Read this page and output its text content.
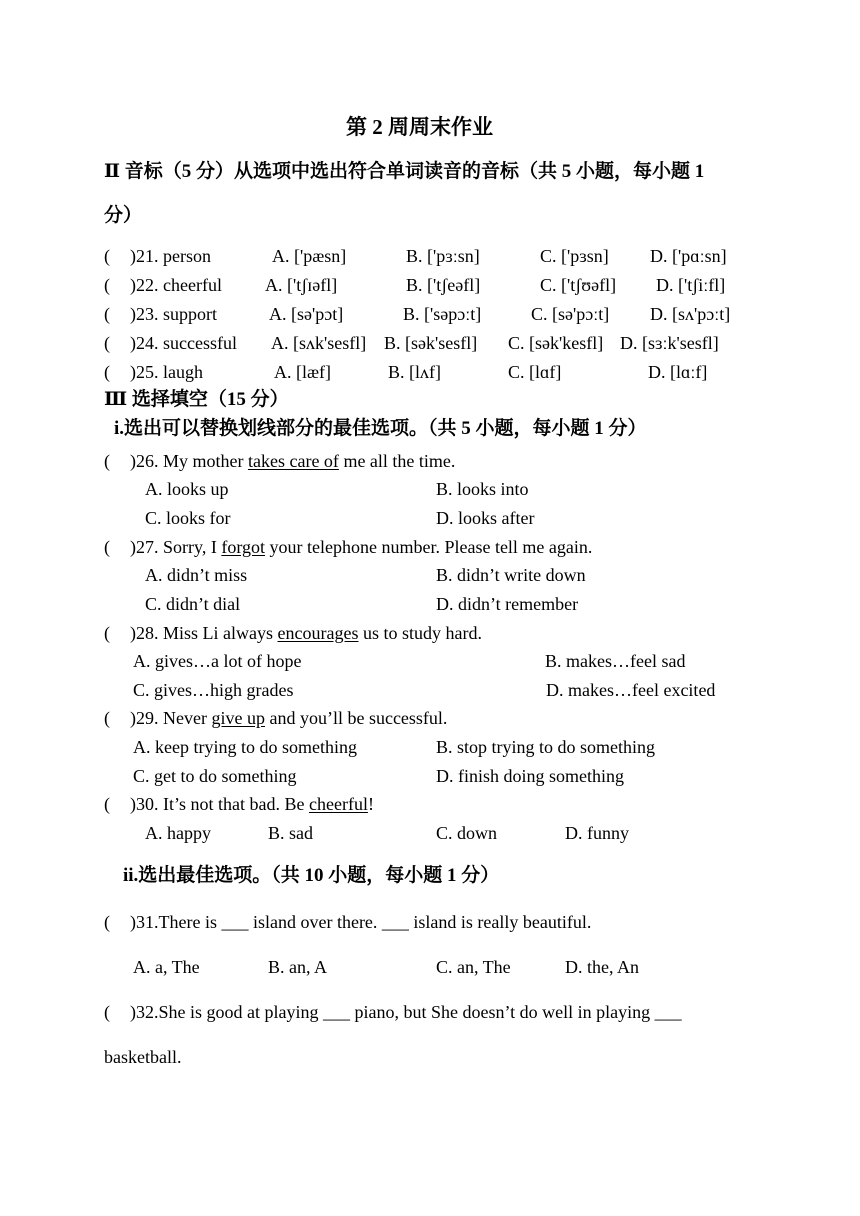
第 2 周周末作业
Ⅱ 音标（5 分）从选项中选出符合单词读音的音标（共 5 小题，每小题 1
分）
( )21. person	A. ['pæsn]	B. ['pɜːsn]	C. ['pɜsn] D. ['pɑːsn]
( )22. cheerful A. ['tʃɪəfl]	B. ['tʃeəfl]	C. ['tʃʊəfl] D. ['tʃiːfl]
( )23. support	A. [sə'pɔt]	B. ['səpɔːt]	C. [sə'pɔːt] D. [sʌ'pɔːt]
( )24. successful A. [sʌk'sesfl] B. [sək'sesfl] C. [sək'kesfl] D. [sɜːk'sesfl]
( )25. laugh	A. [læf]	B. [lʌf]	C. [lɑf]	D. [lɑːf]
Ⅲ 选择填空（15 分）
i.选出可以替换划线部分的最佳选项。（共 5 小题，每小题 1 分）
( )26. My mother takes care of me all the time.
A. looks up	B. looks into
C. looks for	D. looks after
( )27. Sorry, I forgot your telephone number. Please tell me again.
A. didn’t miss	B. didn’t write down
C. didn’t dial	D. didn’t remember
( )28. Miss Li always encourages us to study hard.
A. gives…a lot of hope	B. makes…feel sad
C. gives…high grades	D. makes…feel excited
( )29. Never give up and you’ll be successful.
A. keep trying to do something	B. stop trying to do something
C. get to do something	D. finish doing something
( )30. It’s not that bad. Be cheerful!
A. happy	B. sad	C. down	D. funny
ii.选出最佳选项。（共 10 小题，每小题 1 分）
( )31.There is ___ island over there. ___ island is really beautiful.
A. a, The	B. an, A	C. an, The	D. the, An
( )32.She is good at playing ___ piano, but She doesn’t do well in playing ___
basketball.
